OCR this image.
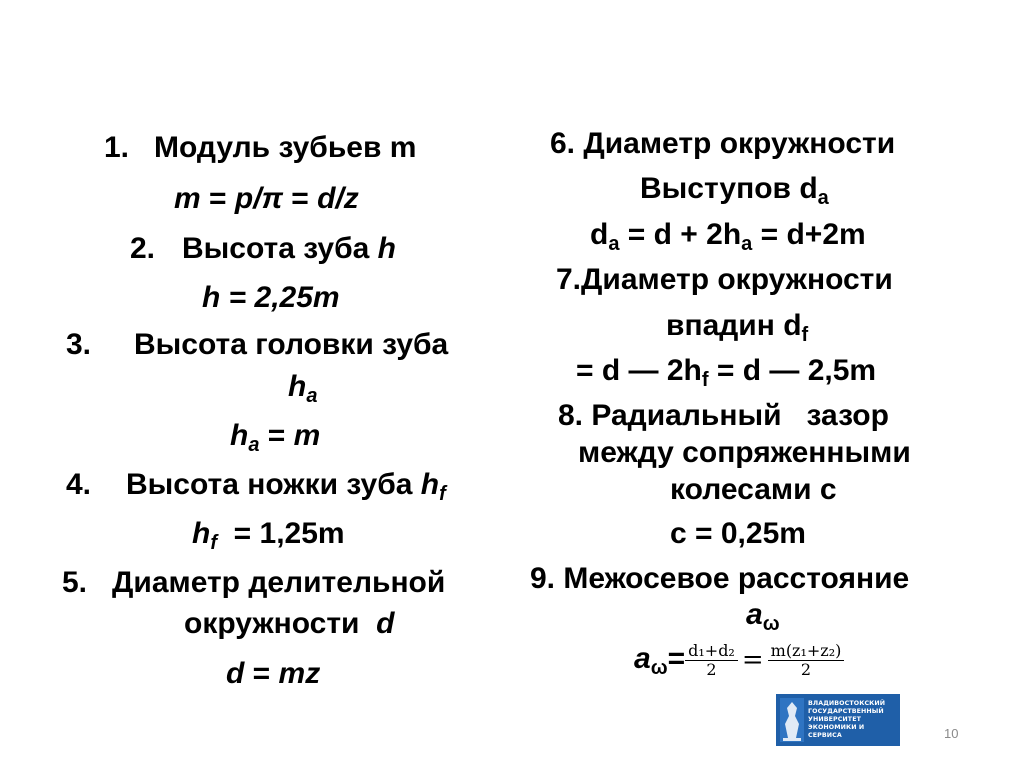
1. Модуль зубьев m
m = p/π = d/z
2. Высота зуба h
h = 2,25m
3. Высота головки зуба
$h_a$
$h_a = m$
4. Высота ножки зуба $h_f$
$h_f = 1,25m$
5. Диаметр делительной
окружности  d
d = mz
6. Диаметр окружности
Выступов $d_a$
$d_a = d + 2h_a = d+2m$
7.Диаметр окружности
впадин $d_f$
= d — $2h_f = d$ — 2,5m
8. Радиальный   зазор
между сопряженными
колесами с
с = 0,25m
9. Межосевое расстояние
$a_\omega$
$a_\omega= \frac{\text{d₁+d₂}}{2} = \frac{\text{m(z₁+z₂)}}{2}$
ВЛАДИВОСТОКСКИЙ
ГОСУДАРСТВЕННЫЙ
УНИВЕРСИТЕТ
ЭКОНОМИКИ И
СЕРВИСА	10
